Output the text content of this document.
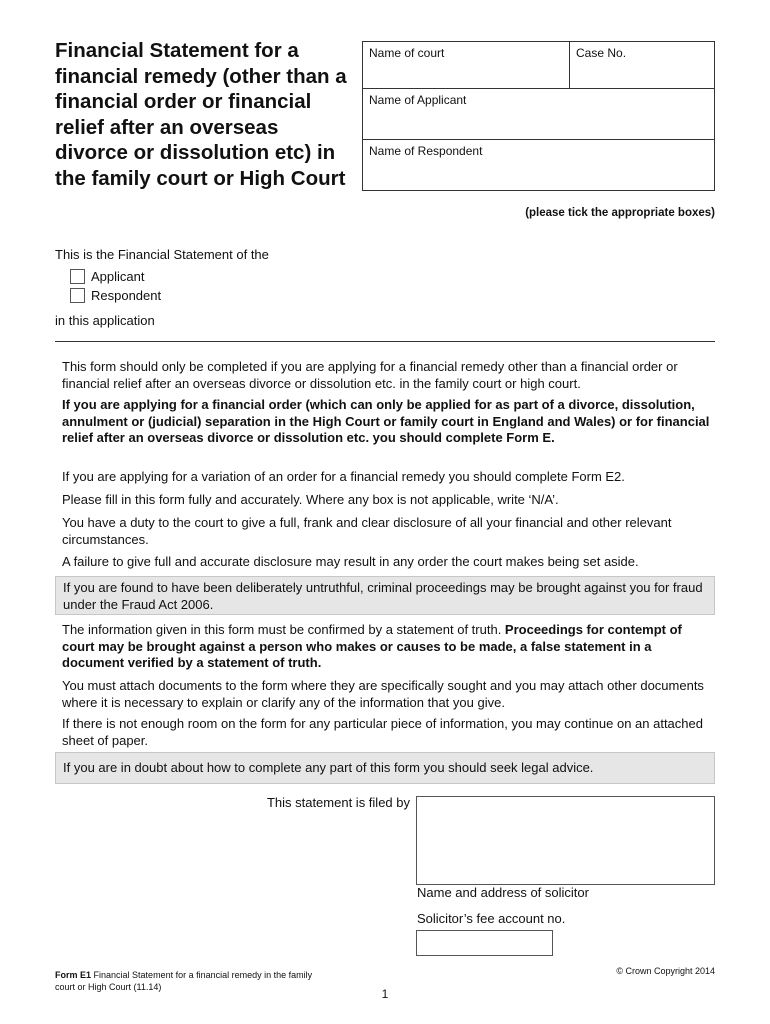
Financial Statement for a financial remedy (other than a financial order or financial relief after an overseas divorce or dissolution etc) in the family court or High Court
Name of court	Case No.
Name of Applicant
Name of Respondent
(please tick the appropriate boxes)
This is the Financial Statement of the
Applicant
Respondent
in this application
This form should only be completed if you are applying for a financial remedy other than a financial order or financial relief after an overseas divorce or dissolution etc. in the family court or high court.
If you are applying for a financial order (which can only be applied for as part of a divorce, dissolution, annulment or (judicial) separation in the High Court or family court in England and Wales) or for financial relief after an overseas divorce or dissolution etc. you should complete Form E.
If you are applying for a variation of an order for a financial remedy you should complete Form E2.
Please fill in this form fully and accurately. Where any box is not applicable, write ‘N/A’.
You have a duty to the court to give a full, frank and clear disclosure of all your financial and other relevant circumstances.
A failure to give full and accurate disclosure may result in any order the court makes being set aside.
If you are found to have been deliberately untruthful, criminal proceedings may be brought against you for fraud under the Fraud Act 2006.
The information given in this form must be confirmed by a statement of truth. Proceedings for contempt of court may be brought against a person who makes or causes to be made, a false statement in a document verified by a statement of truth.
You must attach documents to the form where they are specifically sought and you may attach other documents where it is necessary to explain or clarify any of the information that you give.
If there is not enough room on the form for any particular piece of information, you may continue on an attached sheet of paper.
If you are in doubt about how to complete any part of this form you should seek legal advice.
This statement is filed by
Name and address of solicitor
Solicitor’s fee account no.
Form E1 Financial Statement for a financial remedy in the family court or High Court (11.14)
© Crown Copyright 2014
1
